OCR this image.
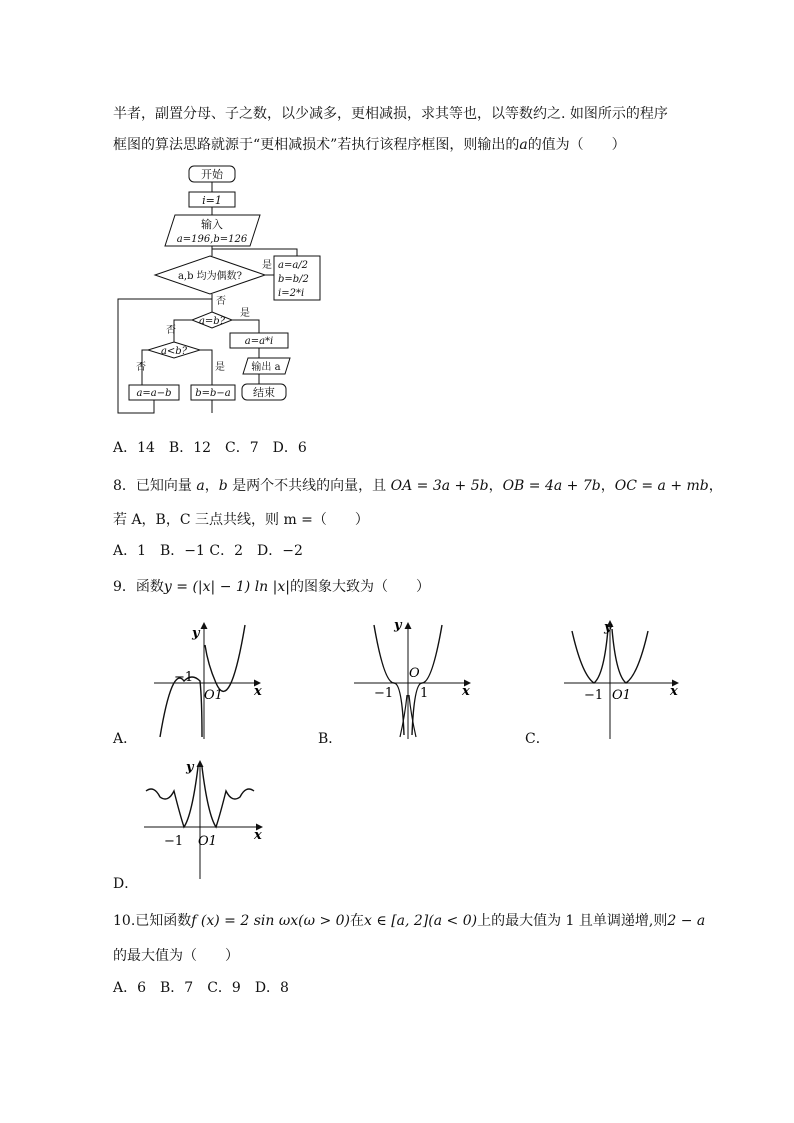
半者，副置分母、子之数，以少减多，更相减损，求其等也，以等数约之. 如图所示的程序
框图的算法思路就源于“更相减损术”若执行该程序框图，则输出的a的值为（　　）
开始
i=1
输入
a=196,b=126
a,b 均为偶数?
是
否
a=a/2
b=b/2
i=2*i
a=b?
是
否
a<b?
否	是
a=a−b b=b−a
a=a*i
输出 a
结束
A．14　B．12　C．7　D．6
8．已知向量 a，b 是两个不共线的向量，且 OA = 3a + 5b，OB = 4a + 7b，OC = a + mb，
若 A，B，C 三点共线，则 m =（　　）
A．1　B．−1 C．2　D．−2
9．函数y = (|x| − 1) ln |x|的图象大致为（　　）
y
x
−1
O1
A．
y
x
−1
O
1
B．
y
x
−1 O1
C．
y
x
−1 O1
D．
10.已知函数f (x) = 2 sin ωx(ω > 0)在x ∈ [a, 2](a < 0)上的最大值为 1 且单调递增,则2 − a
的最大值为（　　）
A．6　B．7　C．9　D．8
